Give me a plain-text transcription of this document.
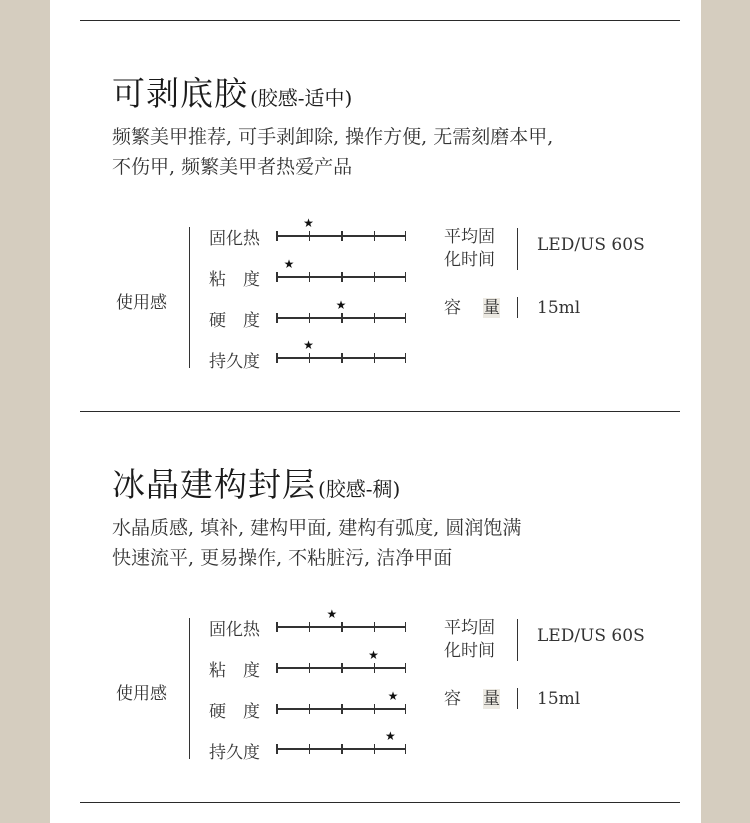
可剥底胶 (胶感-适中)
频繁美甲推荐, 可手剥卸除, 操作方便, 无需刻磨本甲,
不伤甲, 频繁美甲者热爱产品
使用感
固化热
★
粘　度
★
硬　度
★
持久度
★
平均固
化时间
LED/US 60S
容 量 15ml
冰晶建构封层 (胶感-稠)
水晶质感, 填补, 建构甲面, 建构有弧度, 圆润饱满
快速流平, 更易操作, 不粘脏污, 洁净甲面
使用感
固化热
★
粘　度
★
硬　度
★
持久度
★
平均固
化时间
LED/US 60S
容 量 15ml
